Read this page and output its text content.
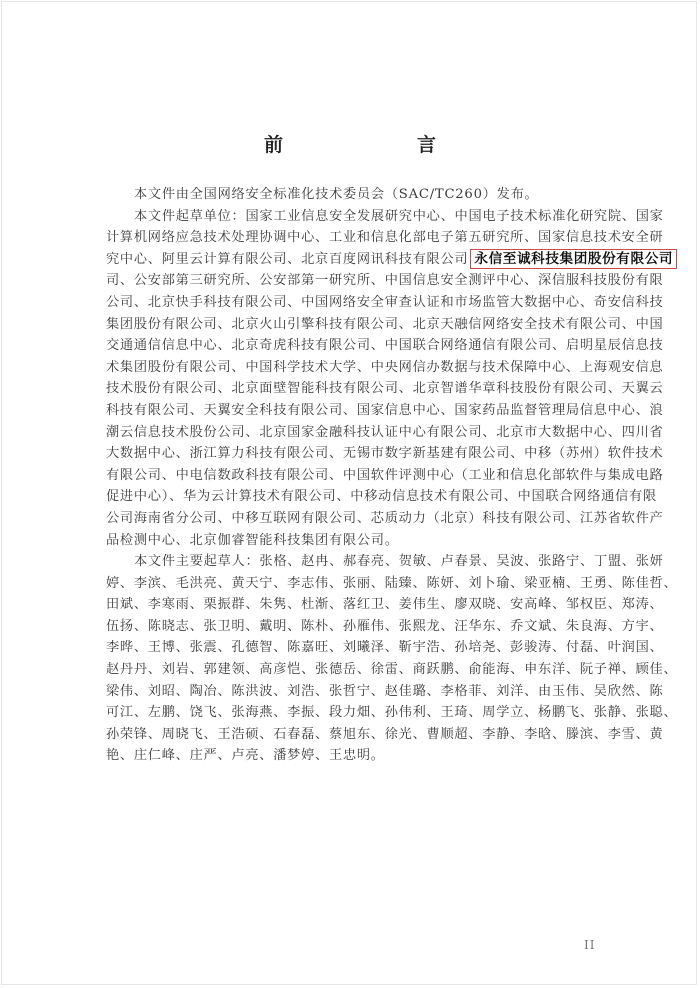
前　　言
本文件由全国网络安全标准化技术委员会（SAC/TC260）发布。
本文件起草单位：国家工业信息安全发展研究中心、中国电子技术标准化研究院、国家
计算机网络应急技术处理协调中心、工业和信息化部电子第五研究所、国家信息技术安全研
究中心、阿里云计算有限公司、北京百度网讯科技有限公司 永信至诚科技集团股份有限公司
司、公安部第三研究所、公安部第一研究所、中国信息安全测评中心、深信服科技股份有限
公司、北京快手科技有限公司、中国网络安全审查认证和市场监管大数据中心、奇安信科技
集团股份有限公司、北京火山引擎科技有限公司、北京天融信网络安全技术有限公司、中国
交通通信信息中心、北京奇虎科技有限公司、中国联合网络通信有限公司、启明星辰信息技
术集团股份有限公司、中国科学技术大学、中央网信办数据与技术保障中心、上海观安信息
技术股份有限公司、北京面壁智能科技有限公司、北京智谱华章科技股份有限公司、天翼云
科技有限公司、天翼安全科技有限公司、国家信息中心、国家药品监督管理局信息中心、浪
潮云信息技术股份公司、北京国家金融科技认证中心有限公司、北京市大数据中心、四川省
大数据中心、浙江算力科技有限公司、无锡市数字新基建有限公司、中移（苏州）软件技术
有限公司、中电信数政科技有限公司、中国软件评测中心（工业和信息化部软件与集成电路
促进中心）、华为云计算技术有限公司、中移动信息技术有限公司、中国联合网络通信有限
公司海南省分公司、中移互联网有限公司、芯质动力（北京）科技有限公司、江苏省软件产
品检测中心、北京伽睿智能科技集团有限公司。
本文件主要起草人：张格、赵冉、郝春亮、贺敏、卢春景、吴波、张路宁、丁盟、张妍
婷、李滨、毛洪亮、黄天宁、李志伟、张丽、陆臻、陈妍、刘卜瑜、梁亚楠、王勇、陈佳哲、
田斌、李寒雨、栗振群、朱隽、杜渐、落红卫、姜伟生、廖双晓、安高峰、邹权臣、郑涛、
伍扬、陈晓志、张卫明、戴明、陈朴、孙雁伟、张熙龙、汪华东、乔文斌、朱良海、方宇、
李晔、王博、张震、孔德智、陈嘉旺、刘曦泽、靳宇浩、孙培尧、彭骏涛、付磊、叶润国、
赵丹丹、刘岩、郭建领、高彦恺、张德岳、徐雷、商跃鹏、俞能海、申东洋、阮子禅、顾佳、
梁伟、刘昭、陶冶、陈洪波、刘浩、张哲宁、赵佳璐、李格菲、刘洋、由玉伟、吴欣然、陈
可江、左鹏、饶飞、张海燕、李振、段力畑、孙伟利、王琦、周学立、杨鹏飞、张静、张聪、
孙荣锋、周晓飞、王浩硕、石春磊、蔡旭东、徐光、曹顺超、李静、李晗、滕滨、李雪、黄
艳、庄仁峰、庄严、卢亮、潘梦婷、王忠明。
II
